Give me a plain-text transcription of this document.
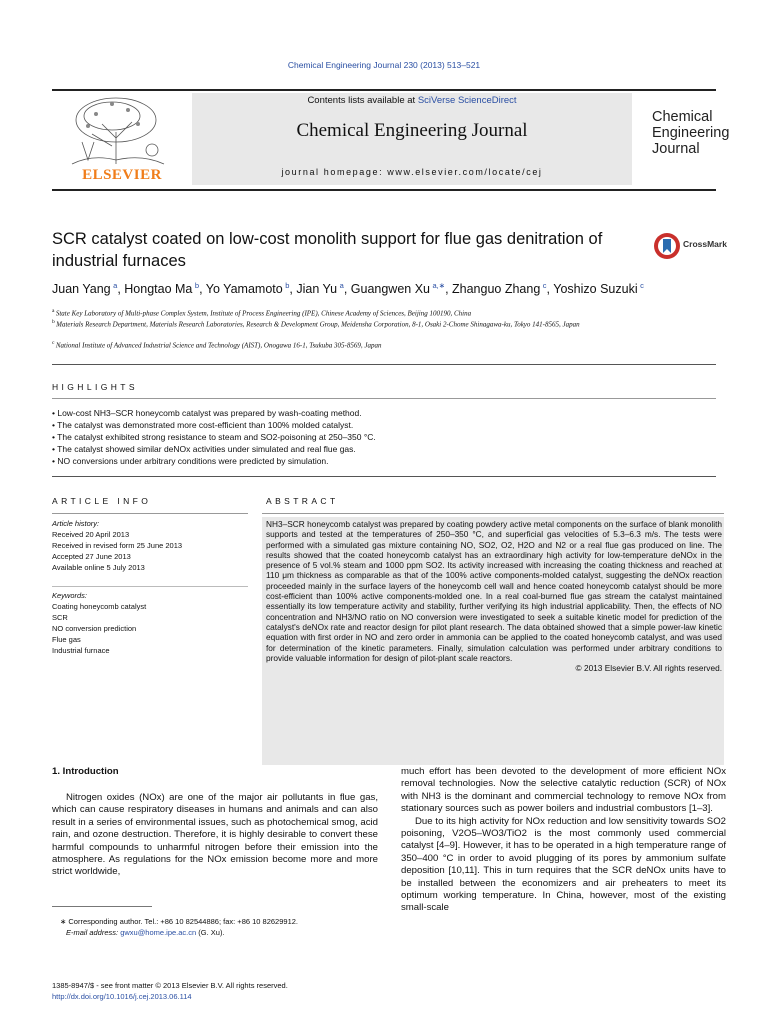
Chemical Engineering Journal 230 (2013) 513–521
ELSEVIER
Contents lists available at SciVerse ScienceDirect
Chemical Engineering Journal
journal homepage: www.elsevier.com/locate/cej
Chemical
Engineering
Journal
SCR catalyst coated on low-cost monolith support for flue gas denitration of industrial furnaces
CrossMark
Juan Yang  $^a$, Hongtao Ma  $^b$, Yo Yamamoto  $^b$, Jian Yu  $^a$, Guangwen Xu  $^{a,∗}$, Zhanguo Zhang  $^c$, Yoshizo Suzuki  $^c$
$^a$ State Key Laboratory of Multi-phase Complex System, Institute of Process Engineering (IPE), Chinese Academy of Sciences, Beijing 100190, China
$^b$ Materials Research Department, Materials Research Laboratories, Research & Development Group, Meidensha Corporation, 8-1, Osaki 2-Chome Shinagawa-ku, Tokyo 141-8565, Japan
$^c$ National Institute of Advanced Industrial Science and Technology (AIST), Onogawa 16-1, Tsukuba 305-8569, Japan
HIGHLIGHTS
• Low-cost NH3–SCR honeycomb catalyst was prepared by wash-coating method.
• The catalyst was demonstrated more cost-efficient than 100% molded catalyst.
• The catalyst exhibited strong resistance to steam and SO2-poisoning at 250–350 °C.
• The catalyst showed similar deNOx activities under simulated and real flue gas.
• NO conversions under arbitrary conditions were predicted by simulation.
ARTICLE INFO
Article history:
Received 20 April 2013
Received in revised form 25 June 2013
Accepted 27 June 2013
Available online 5 July 2013
Keywords:
Coating honeycomb catalyst
SCR
NO conversion prediction
Flue gas
Industrial furnace
ABSTRACT
NH3–SCR honeycomb catalyst was prepared by coating powdery active metal components on the surface of blank monolith supports and tested at the temperatures of 250–350 °C, and superficial gas velocities of 5.3–6.3 m/s. The tests were performed with a simulated gas mixture containing NO, SO2, O2, H2O and N2 or a real flue gas produced on line. The results showed that the coated honeycomb catalyst has an extraordinary high activity for low-temperature deNOx in the presence of 5 vol.% steam and 1000 ppm SO2. Its activity increased with increasing the coating thickness and reached at 110 μm thickness as comparable as that of the 100% active components-molded catalyst, suggesting the deNOx reaction proceeded mainly in the surface layers of the honeycomb cell wall and hence coated honeycomb catalyst should be more cost-efficient than 100% active components-molded one. In a real coal-burned flue gas stream the catalyst maintained essentially its low temperature activity and stability, further verifying its high industrial applicability. Then, the effects of NO concentration and NH3/NO ratio on NO conversion were investigated to seek a suitable kinetic model for prediction of the catalyst's deNOx rate and reactor design for pilot plant research. The data obtained showed that a simple power-law kinetic equation with first order in NO and zero order in ammonia can be applied to the coated honeycomb catalyst, and was used for determination of the kinetic parameters. Finally, simulation calculation was performed under arbitrary conditions to provide valuable information for design of pilot-plant scale reactors.
© 2013 Elsevier B.V. All rights reserved.
1. Introduction

Nitrogen oxides (NOx) are one of the major air pollutants in flue gas, which can cause respiratory diseases in humans and animals and can also result in a series of environmental issues, such as photochemical smog, acid rain, and ozone destruction. Therefore, it is highly desirable to convert these harmful compounds to unharmful nitrogen before their emission into the atmosphere. As regulations for the NOx emission become more and more strict worldwide,

much effort has been devoted to the development of more efficient NOx removal technologies. Now the selective catalytic reduction (SCR) of NOx with NH3 is the dominant and commercial technology to remove NOx from stationary sources such as power boilers and industrial combustors [1–3].

Due to its high activity for NOx reduction and low sensitivity towards SO2 poisoning, V2O5–WO3/TiO2 is the most commonly used commercial catalyst [4–9]. However, it has to be operated in a high temperature range of 350–400 °C in order to avoid plugging of its pores by ammonium sulfate deposition [10,11]. This in turn requires that the SCR deNOx units have to be installed between the economizers and air preheaters to meet its optimum working temperature. In China, however, most of the existing small-scale

∗ Corresponding author. Tel.: +86 10 82544886; fax: +86 10 82629912.
E-mail address: gwxu@home.ipe.ac.cn (G. Xu).
1385-8947/$ - see front matter © 2013 Elsevier B.V. All rights reserved.
http://dx.doi.org/10.1016/j.cej.2013.06.114
